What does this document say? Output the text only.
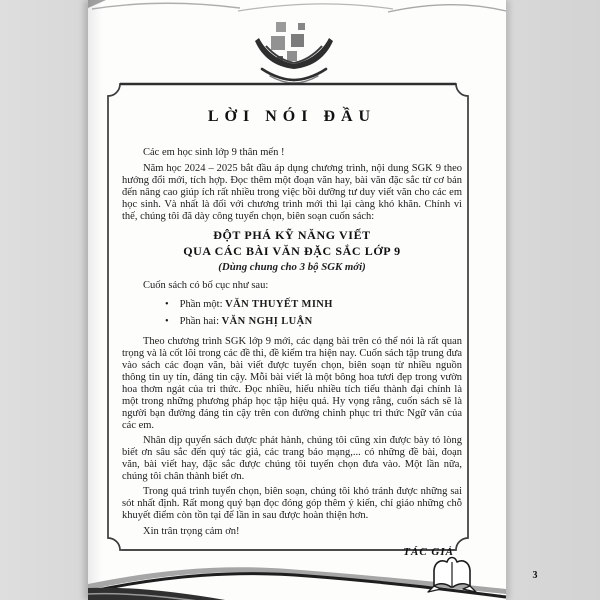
LỜI NÓI ĐẦU

Các em học sinh lớp 9 thân mến !

Năm học 2024 – 2025 bắt đầu áp dụng chương trình, nội dung SGK 9 theo hướng đổi mới, tích hợp. Đọc thêm một đoạn văn hay, bài văn đặc sắc từ cơ bản đến nâng cao giúp ích rất nhiều trong việc bồi dưỡng tư duy viết văn cho các em học sinh. Và nhất là đối với chương trình mới thì lại càng khó khăn. Chính vì thế, chúng tôi đã dày công tuyển chọn, biên soạn cuốn sách:

ĐỘT PHÁ KỸ NĂNG VIẾT
QUA CÁC BÀI VĂN ĐẶC SẮC LỚP 9
(Dùng chung cho 3 bộ SGK mới)

Cuốn sách có bố cục như sau:

• Phần một: VĂN THUYẾT MINH
• Phần hai: VĂN NGHỊ LUẬN

Theo chương trình SGK lớp 9 mới, các dạng bài trên có thể nói là rất quan trọng và là cốt lõi trong các đề thi, đề kiểm tra hiện nay. Cuốn sách tập trung đưa vào sách các đoạn văn, bài viết được tuyển chọn, biên soạn từ nhiều nguồn thông tin uy tín, đáng tin cậy. Mỗi bài viết là một bông hoa tươi đẹp trong vườn hoa thơm ngát của tri thức. Đọc nhiều, hiểu nhiều tích tiểu thành đại chính là một trong những phương pháp học tập hiệu quả. Hy vọng rằng, cuốn sách sẽ là người bạn đường đáng tin cậy trên con đường chinh phục tri thức Ngữ văn của các em.

Nhân dịp quyển sách được phát hành, chúng tôi cũng xin được bày tỏ lòng biết ơn sâu sắc đến quý tác giả, các trang báo mạng,... có những đề bài, đoạn văn, bài viết hay, đặc sắc được chúng tôi tuyển chọn đưa vào. Một lần nữa, chúng tôi chân thành biết ơn.

Trong quá trình tuyển chọn, biên soạn, chúng tôi khó tránh được những sai sót nhất định. Rất mong quý bạn đọc đóng góp thêm ý kiến, chỉ giáo những chỗ khuyết điểm còn tồn tại để lần in sau được hoàn thiện hơn.

Xin trân trọng cảm ơn!

TÁC GIẢ
3
